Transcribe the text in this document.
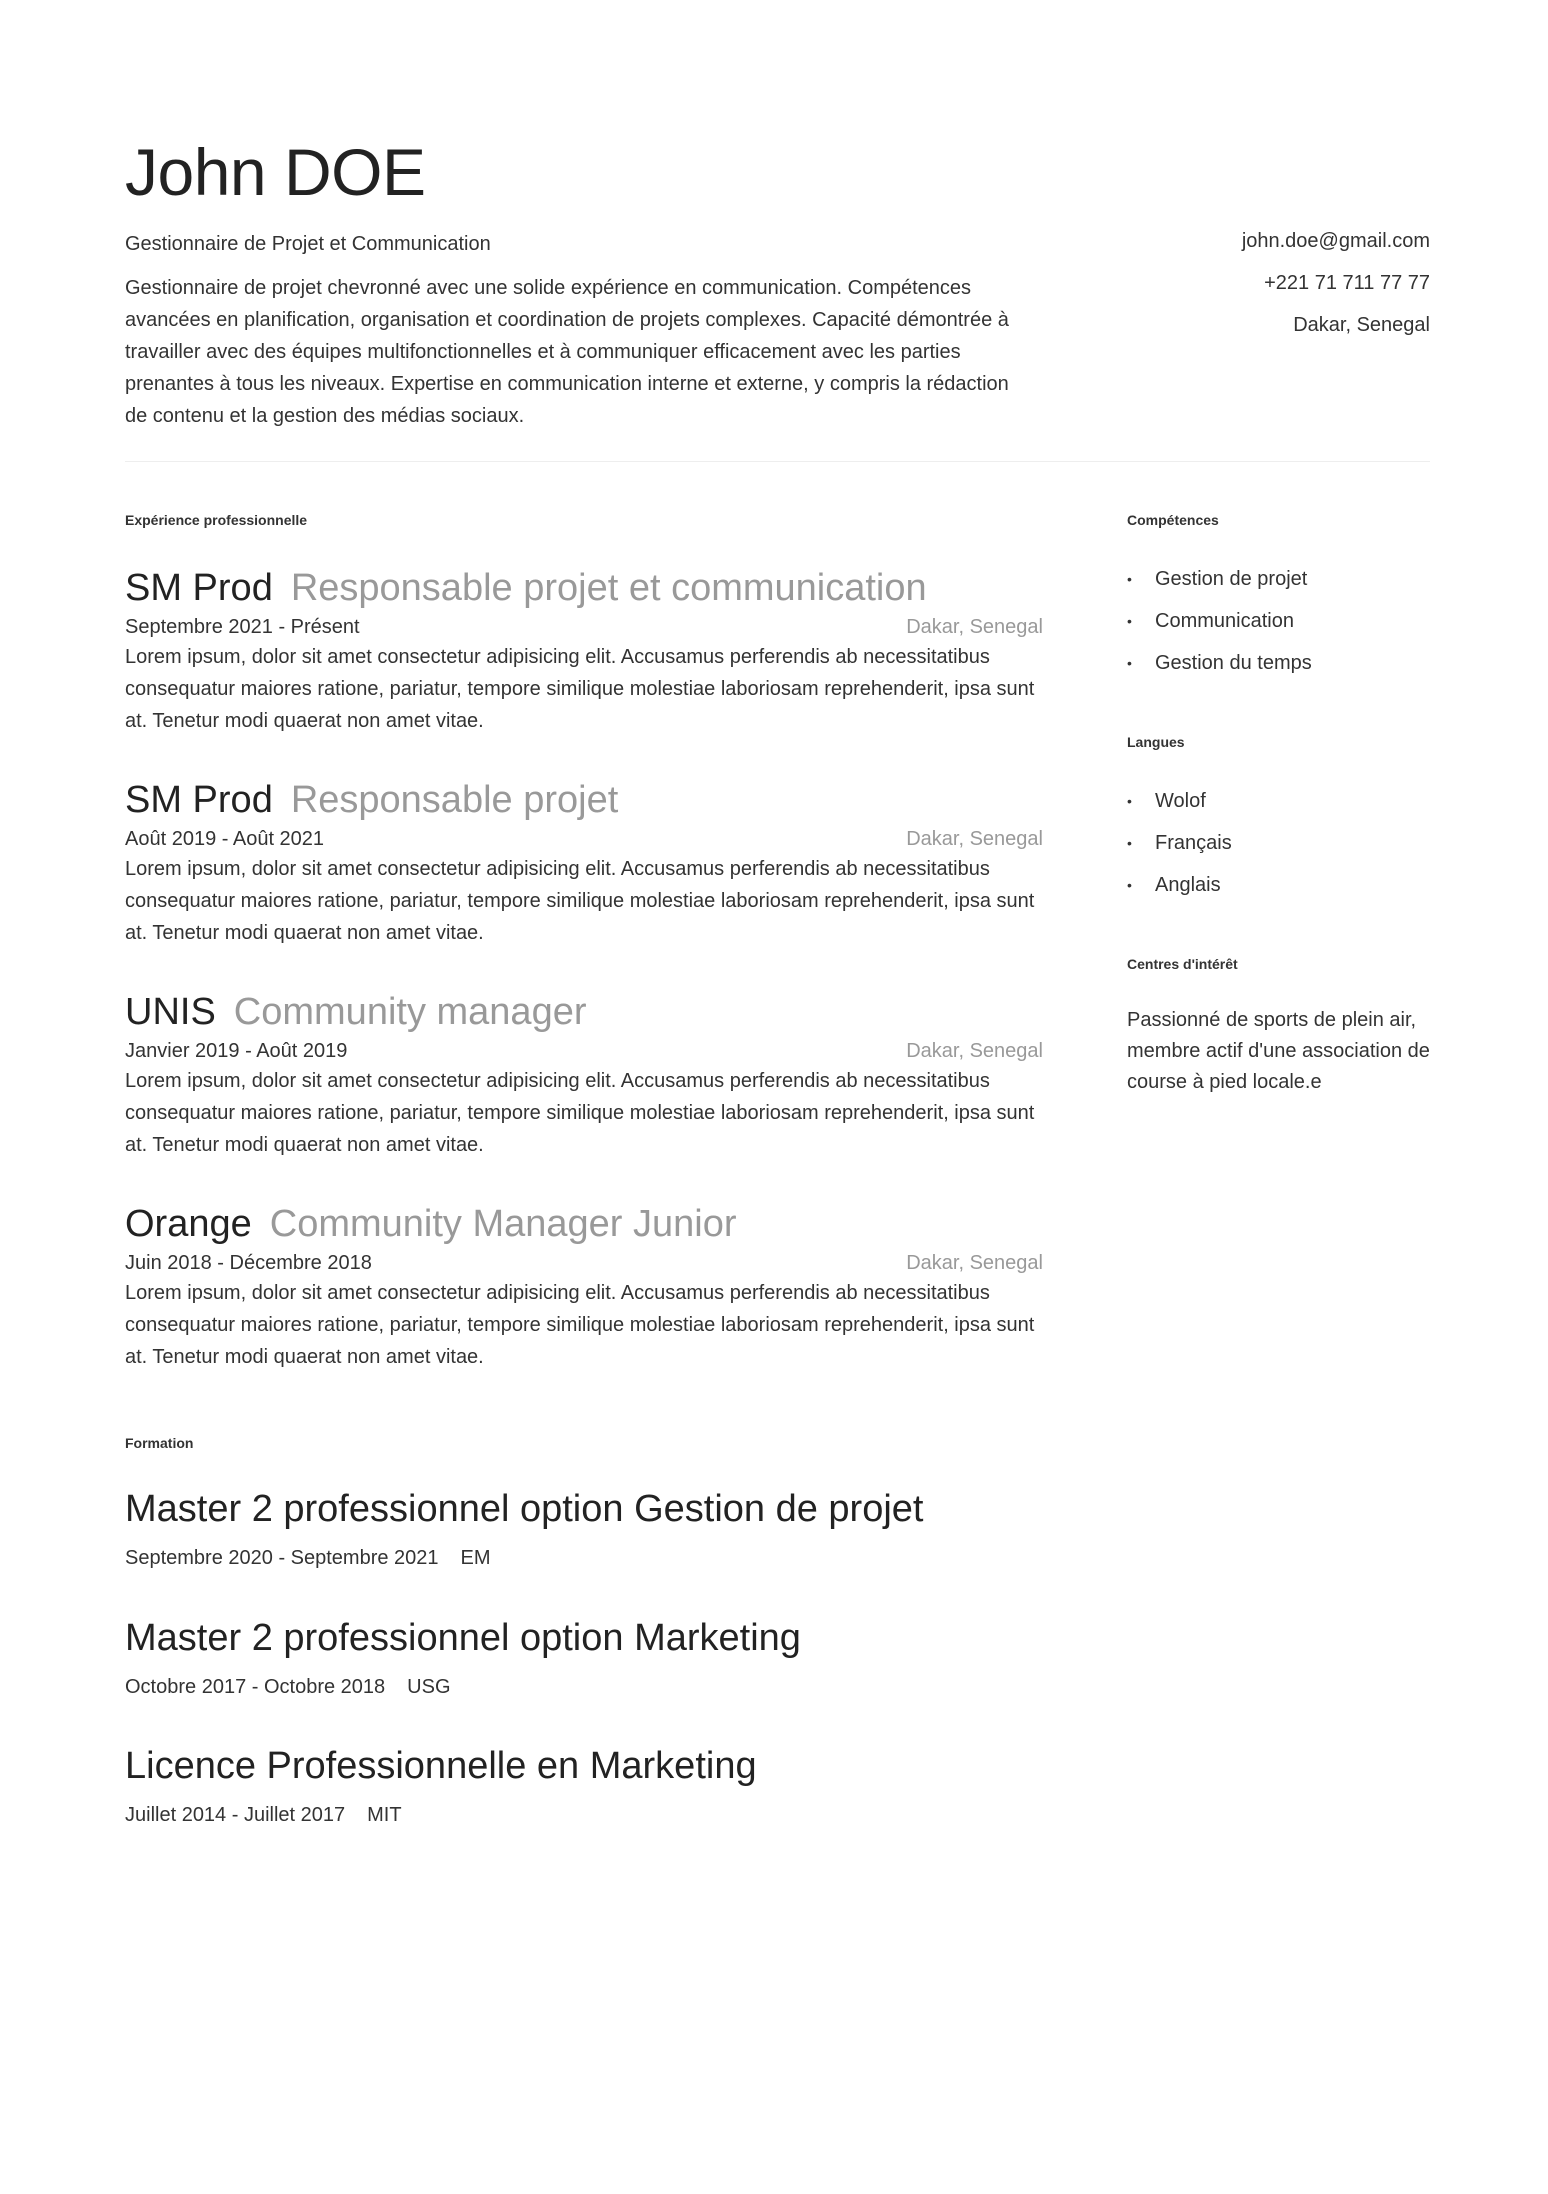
John DOE
Gestionnaire de Projet et Communication

Gestionnaire de projet chevronné avec une solide expérience en communication. Compétences avancées en planification, organisation et coordination de projets complexes. Capacité démontrée à travailler avec des équipes multifonctionnelles et à communiquer efficacement avec les parties prenantes à tous les niveaux. Expertise en communication interne et externe, y compris la rédaction de contenu et la gestion des médias sociaux.

john.doe@gmail.com
+221 71 711 77 77
Dakar, Senegal
Expérience professionnelle
SM Prod Responsable projet et communication
Septembre 2021 - Présent	Dakar, Senegal

Lorem ipsum, dolor sit amet consectetur adipisicing elit. Accusamus perferendis ab necessitatibus consequatur maiores ratione, pariatur, tempore similique molestiae laboriosam reprehenderit, ipsa sunt at. Tenetur modi quaerat non amet vitae.

SM Prod Responsable projet
Août 2019 - Août 2021	Dakar, Senegal

Lorem ipsum, dolor sit amet consectetur adipisicing elit. Accusamus perferendis ab necessitatibus consequatur maiores ratione, pariatur, tempore similique molestiae laboriosam reprehenderit, ipsa sunt at. Tenetur modi quaerat non amet vitae.

UNIS Community manager
Janvier 2019 - Août 2019	Dakar, Senegal

Lorem ipsum, dolor sit amet consectetur adipisicing elit. Accusamus perferendis ab necessitatibus consequatur maiores ratione, pariatur, tempore similique molestiae laboriosam reprehenderit, ipsa sunt at. Tenetur modi quaerat non amet vitae.

Orange Community Manager Junior
Juin 2018 - Décembre 2018	Dakar, Senegal

Lorem ipsum, dolor sit amet consectetur adipisicing elit. Accusamus perferendis ab necessitatibus consequatur maiores ratione, pariatur, tempore similique molestiae laboriosam reprehenderit, ipsa sunt at. Tenetur modi quaerat non amet vitae.

Formation
Master 2 professionnel option Gestion de projet
Septembre 2020 - Septembre 2021 EM
Master 2 professionnel option Marketing
Octobre 2017 - Octobre 2018 USG
Licence Professionnelle en Marketing
Juillet 2014 - Juillet 2017 MIT
Compétences
• Gestion de projet
• Communication
• Gestion du temps
Langues
• Wolof
• Français
• Anglais
Centres d'intérêt

Passionné de sports de plein air, membre actif d'une association de course à pied locale.e
